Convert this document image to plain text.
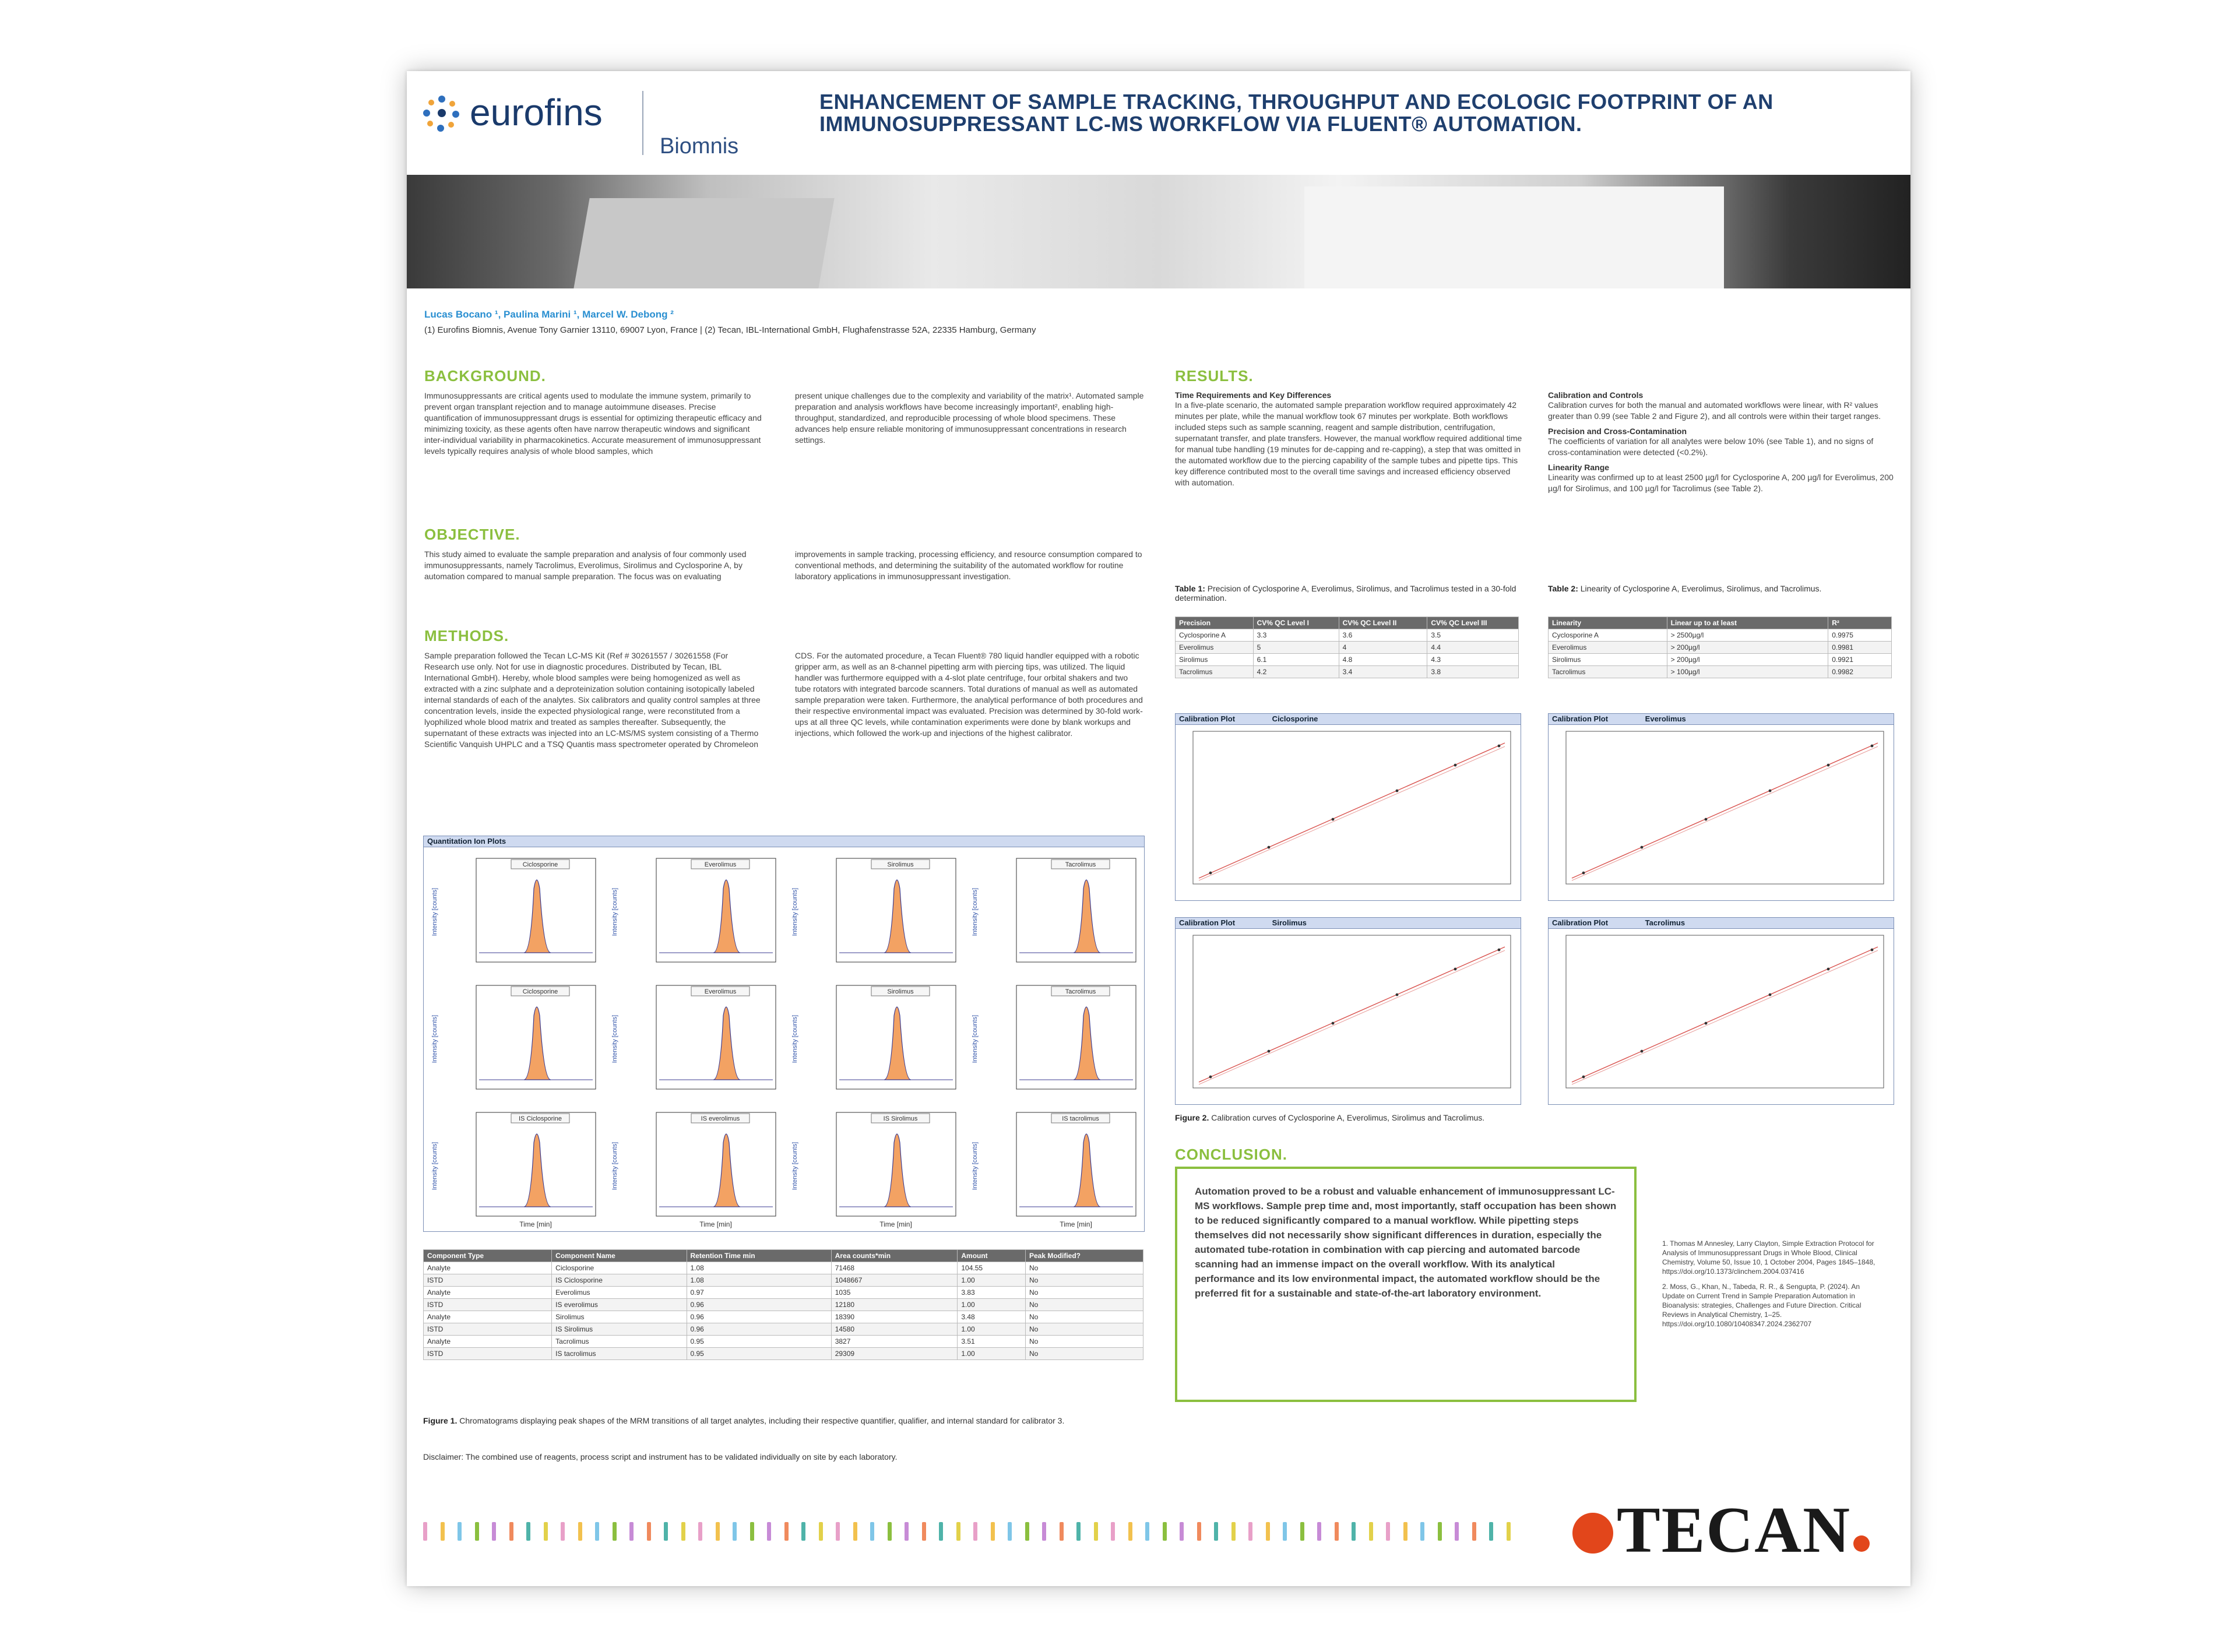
eurofins
Biomnis
ENHANCEMENT OF SAMPLE TRACKING, THROUGHPUT AND ECOLOGIC FOOTPRINT OF AN
IMMUNOSUPPRESSANT LC-MS WORKFLOW VIA FLUENT® AUTOMATION.
Lucas Bocano ¹, Paulina Marini ¹, Marcel W. Debong ²
(1) Eurofins Biomnis, Avenue Tony Garnier 13110, 69007 Lyon, France | (2) Tecan, IBL-International GmbH, Flughafenstrasse 52A, 22335 Hamburg, Germany
BACKGROUND.
Immunosuppressants are critical agents used to modulate the immune system, primarily to prevent organ transplant rejection and to manage autoimmune diseases. Precise quantification of immunosuppressant drugs is essential for optimizing therapeutic efficacy and minimizing toxicity, as these agents often have narrow therapeutic windows and significant inter-individual variability in pharmacokinetics. Accurate measurement of immunosuppressant levels typically requires analysis of whole blood samples, which
present unique challenges due to the complexity and variability of the matrix¹. Automated sample preparation and analysis workflows have become increasingly important², enabling high-throughput, standardized, and reproducible processing of whole blood specimens. These advances help ensure reliable monitoring of immunosuppressant concentrations in research settings.
OBJECTIVE.
This study aimed to evaluate the sample preparation and analysis of four commonly used immunosuppressants, namely Tacrolimus, Everolimus, Sirolimus and Cyclosporine A, by automation compared to manual sample preparation. The focus was on evaluating
improvements in sample tracking, processing efficiency, and resource consumption compared to conventional methods, and determining the suitability of the automated workflow for routine laboratory applications in immunosuppressant investigation.
METHODS.
Sample preparation followed the Tecan LC-MS Kit (Ref # 30261557 / 30261558 (For Research use only. Not for use in diagnostic procedures. Distributed by Tecan, IBL International GmbH). Hereby, whole blood samples were being homogenized as well as extracted with a zinc sulphate and a deproteinization solution containing isotopically labeled internal standards of each of the analytes. Six calibrators and quality control samples at three concentration levels, inside the expected physiological range, were reconstituted from a lyophilized whole blood matrix and treated as samples thereafter. Subsequently, the supernatant of these extracts was injected into an LC-MS/MS system consisting of a Thermo Scientific Vanquish UHPLC and a TSQ Quantis mass spectrometer operated by Chromeleon
CDS. For the automated procedure, a Tecan Fluent® 780 liquid handler equipped with a robotic gripper arm, as well as an 8-channel pipetting arm with piercing tips, was utilized. The liquid handler was furthermore equipped with a 4-slot plate centrifuge, four orbital shakers and two tube rotators with integrated barcode scanners. Total durations of manual as well as automated sample preparation were taken. Furthermore, the analytical performance of both procedures and their respective environmental impact was evaluated. Precision was determined by 30-fold work-ups at all three QC levels, while contamination experiments were done by blank workups and injections, which followed the work-up and injections of the highest calibrator.
Quantitation Ion Plots
Ciclosporine
Intensity [counts]
Everolimus
Intensity [counts]
Sirolimus
Intensity [counts]
Tacrolimus
Intensity [counts]
Ciclosporine
Intensity [counts]
Everolimus
Intensity [counts]
Sirolimus
Intensity [counts]
Tacrolimus
Intensity [counts]
IS Ciclosporine
Intensity [counts]
Time [min]
IS everolimus
Intensity [counts]
Time [min]
IS Sirolimus
Intensity [counts]
Time [min]
IS tacrolimus
Intensity [counts]
Time [min]
Component Type	Component Name	Retention Time min	Area counts*min	Amount	Peak Modified?
Analyte	Ciclosporine	1.08	71468	104.55	No
ISTD	IS Ciclosporine	1.08	1048667	1.00	No
Analyte	Everolimus	0.97	1035	3.83	No
ISTD	IS everolimus	0.96	12180	1.00	No
Analyte	Sirolimus	0.96	18390	3.48	No
ISTD	IS Sirolimus	0.96	14580	1.00	No
Analyte	Tacrolimus	0.95	3827	3.51	No
ISTD	IS tacrolimus	0.95	29309	1.00	No
Figure 1. Chromatograms displaying peak shapes of the MRM transitions of all target analytes, including their respective quantifier, qualifier, and internal standard for calibrator 3.
Disclaimer: The combined use of reagents, process script and instrument has to be validated individually on site by each laboratory.
RESULTS.
Time Requirements and Key Differences
In a five-plate scenario, the automated sample preparation workflow required approximately 42 minutes per plate, while the manual workflow took 67 minutes per workplate. Both workflows included steps such as sample scanning, reagent and sample distribution, centrifugation, supernatant transfer, and plate transfers. However, the manual workflow required additional time for manual tube handling (19 minutes for de-capping and re-capping), a step that was omitted in the automated workflow due to the piercing capability of the sample tubes and pipette tips. This key difference contributed most to the overall time savings and increased efficiency observed with automation.
Calibration and Controls
Calibration curves for both the manual and automated workflows were linear, with R² values greater than 0.99 (see Table 2 and Figure 2), and all controls were within their target ranges.
Precision and Cross-Contamination
The coefficients of variation for all analytes were below 10% (see Table 1), and no signs of cross-contamination were detected (<0.2%).
Linearity Range
Linearity was confirmed up to at least 2500 µg/l for Cyclosporine A, 200 µg/l for Everolimus, 200 µg/l for Sirolimus, and 100 µg/l for Tacrolimus (see Table 2).
Table 1: Precision of Cyclosporine A, Everolimus, Sirolimus, and Tacrolimus tested in a 30-fold determination.
Precision	CV% QC Level I	CV% QC Level II	CV% QC Level III
Cyclosporine A	3.3	3.6	3.5
Everolimus	5	4	4.4
Sirolimus	6.1	4.8	4.3
Tacrolimus	4.2	3.4	3.8
Table 2: Linearity of Cyclosporine A, Everolimus, Sirolimus, and Tacrolimus.
Linearity	Linear up to at least	R²
Cyclosporine A	> 2500µg/l	0.9975
Everolimus	> 200µg/l	0.9981
Sirolimus	> 200µg/l	0.9921
Tacrolimus	> 100µg/l	0.9982
Calibration Plot	Ciclosporine	Calibration Plot	Everolimus
Calibration Plot	Sirolimus	Calibration Plot	Tacrolimus
Figure 2. Calibration curves of Cyclosporine A, Everolimus, Sirolimus and Tacrolimus.
CONCLUSION.

Automation proved to be a robust and valuable enhancement of immunosuppressant LC-MS workflows. Sample prep time and, most importantly, staff occupation has been shown to be reduced significantly compared to a manual workflow. While pipetting steps themselves did not necessarily show significant differences in duration, especially the automated tube-rotation in combination with cap piercing and automated barcode scanning had an immense impact on the overall workflow. With its analytical performance and its low environmental impact, the automated workflow should be the preferred fit for a sustainable and state-of-the-art laboratory environment.

1. Thomas M Annesley, Larry Clayton, Simple Extraction Protocol for Analysis of Immunosuppressant Drugs in Whole Blood, Clinical Chemistry, Volume 50, Issue 10, 1 October 2004, Pages 1845–1848, https://doi.org/10.1373/clinchem.2004.037416
2. Moss, G., Khan, N., Tabeda, R. R., & Sengupta, P. (2024). An Update on Current Trend in Sample Preparation Automation in Bioanalysis: strategies, Challenges and Future Direction. Critical Reviews in Analytical Chemistry, 1–25. https://doi.org/10.1080/10408347.2024.2362707
TECAN
